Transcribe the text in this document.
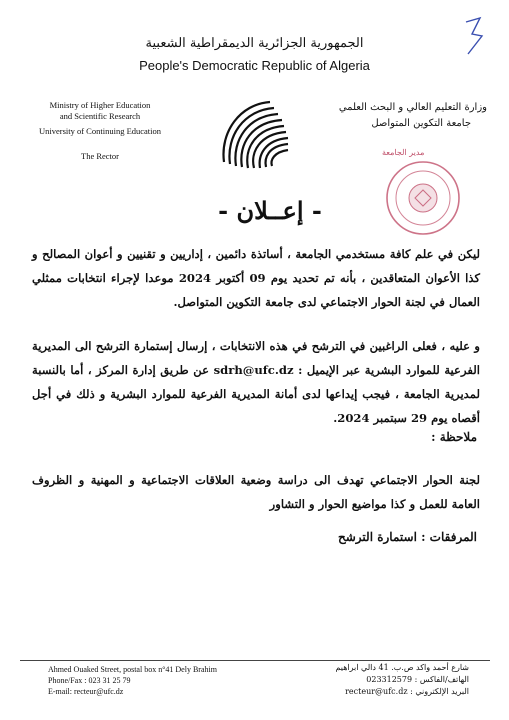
الجمهورية الجزائرية الديمقراطية الشعبية
People's Democratic Republic of Algeria
Ministry of Higher Education
and Scientific Research
University of Continuing Education
The Rector
وزارة التعليم العالي و البحث العلمي
جامعة التكوين المتواصل
مدير الجامعة
- إعــلان -
ليكن في علم كافة مستخدمي الجامعة ، أساتذة دائمين ، إداريين و تقنيين و أعوان المصالح و كذا الأعوان المتعاقدين ، بأنه تم تحديد يوم 09 أكتوبر 2024 موعدا لإجراء انتخابات ممثلي العمال في لجنة الحوار الاجتماعي لدى جامعة التكوين المتواصل.
و عليه ، فعلى الراغبين في الترشح في هذه الانتخابات ، إرسال إستمارة الترشح الى المديرية الفرعية للموارد البشرية عبر الإيميل : sdrh@ufc.dz عن طريق إدارة المركز ، أما بالنسبة لمديرية الجامعة ، فيجب إيداعها لدى أمانة المديرية الفرعية للموارد البشرية و ذلك في أجل أقصاه يوم 29 سبتمبر 2024.
ملاحظة :
لجنة الحوار الاجتماعي تهدف الى دراسة وضعية العلاقات الاجتماعية و المهنية و الظروف العامة للعمل و كذا مواضيع الحوار و التشاور
المرفقات : استمارة الترشح
Ahmed Ouaked Street, postal box n°41 Dely Brahim
Phone/Fax : 023 31 25 79
E-mail: recteur@ufc.dz
شارع أحمد واكد ص.ب. 41 دالي ابراهيم
الهاتف/الفاكس : 023312579
البريد الإلكتروني : recteur@ufc.dz
